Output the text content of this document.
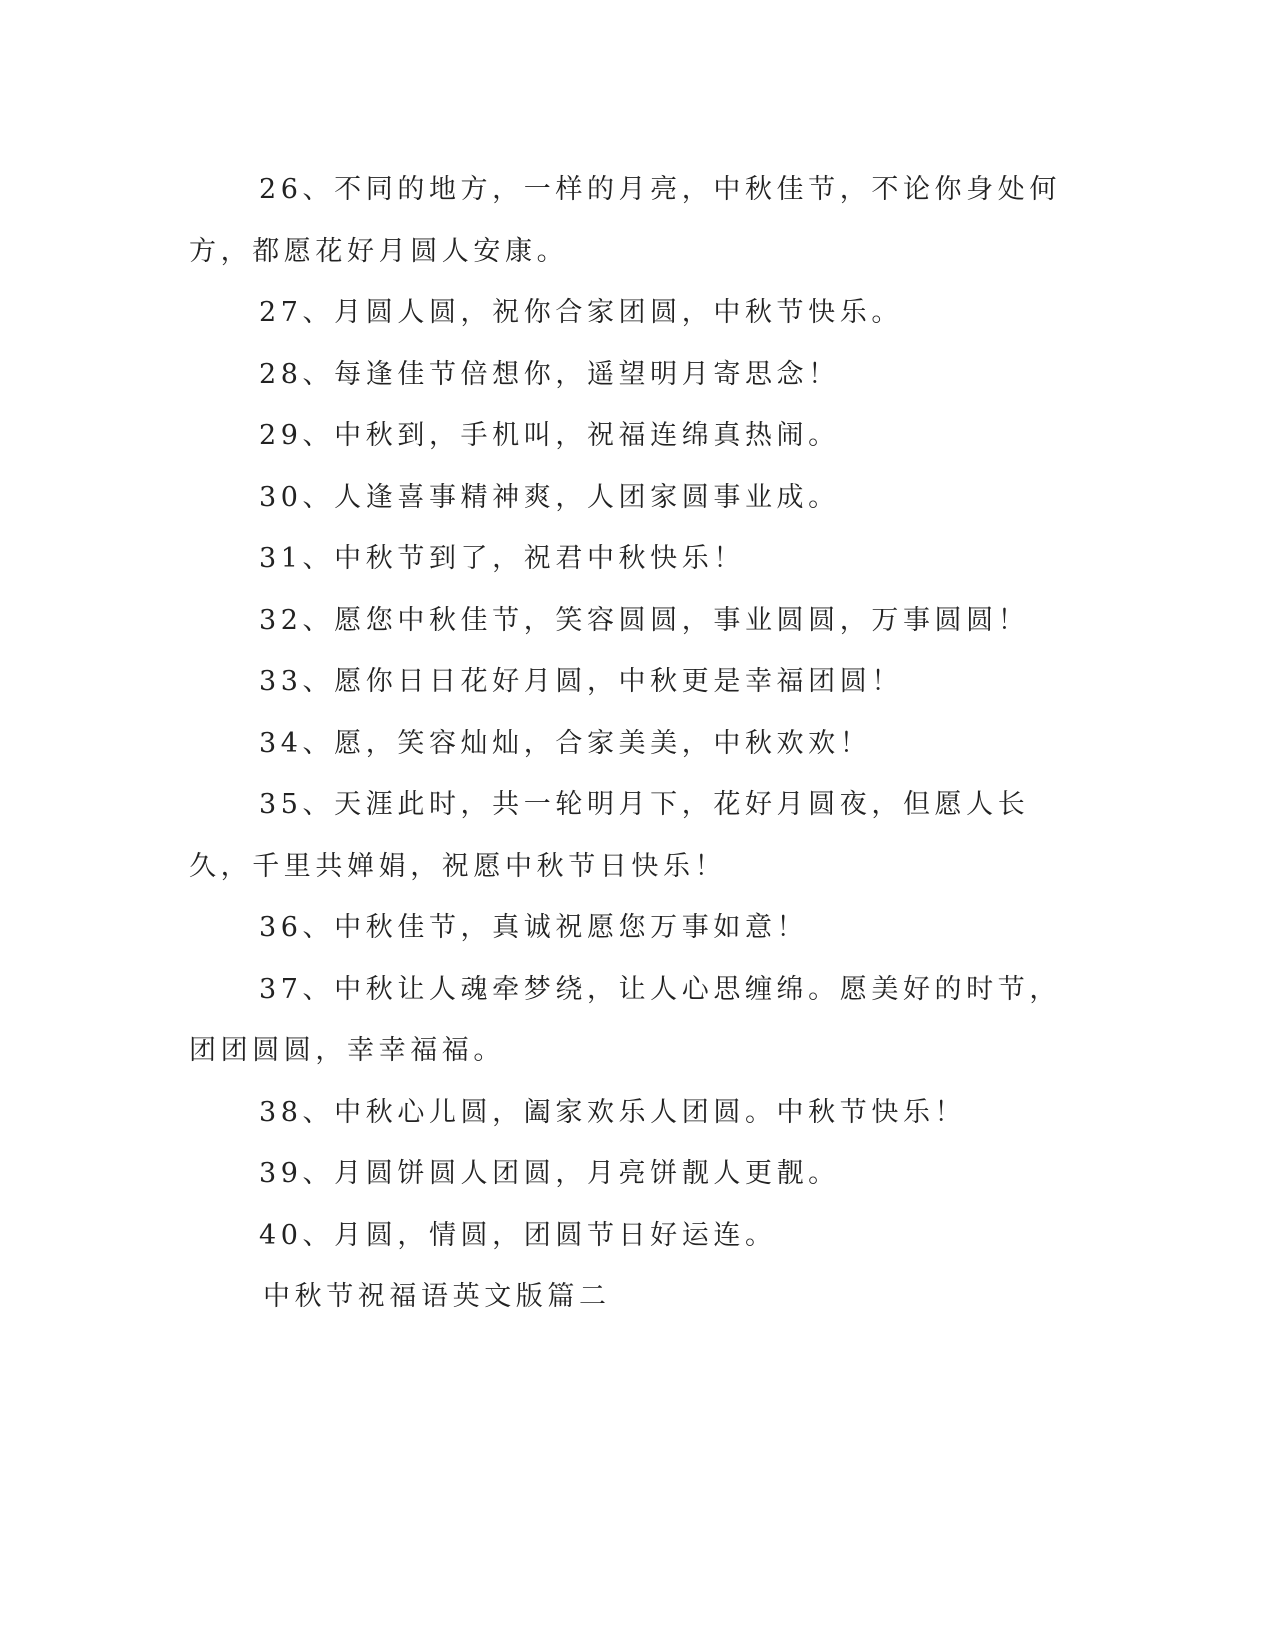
26、不同的地方，一样的月亮，中秋佳节，不论你身处何方，都愿花好月圆人安康。

27、月圆人圆，祝你合家团圆，中秋节快乐。

28、每逢佳节倍想你，遥望明月寄思念！

29、中秋到，手机叫，祝福连绵真热闹。

30、人逢喜事精神爽，人团家圆事业成。

31、中秋节到了，祝君中秋快乐！

32、愿您中秋佳节，笑容圆圆，事业圆圆，万事圆圆！

33、愿你日日花好月圆，中秋更是幸福团圆！

34、愿，笑容灿灿，合家美美，中秋欢欢！

35、天涯此时，共一轮明月下，花好月圆夜，但愿人长久，千里共婵娟，祝愿中秋节日快乐！

36、中秋佳节，真诚祝愿您万事如意！

37、中秋让人魂牵梦绕，让人心思缠绵。愿美好的时节，团团圆圆，幸幸福福。

38、中秋心儿圆，阖家欢乐人团圆。中秋节快乐！

39、月圆饼圆人团圆，月亮饼靓人更靓。

40、月圆，情圆，团圆节日好运连。

中秋节祝福语英文版篇二
